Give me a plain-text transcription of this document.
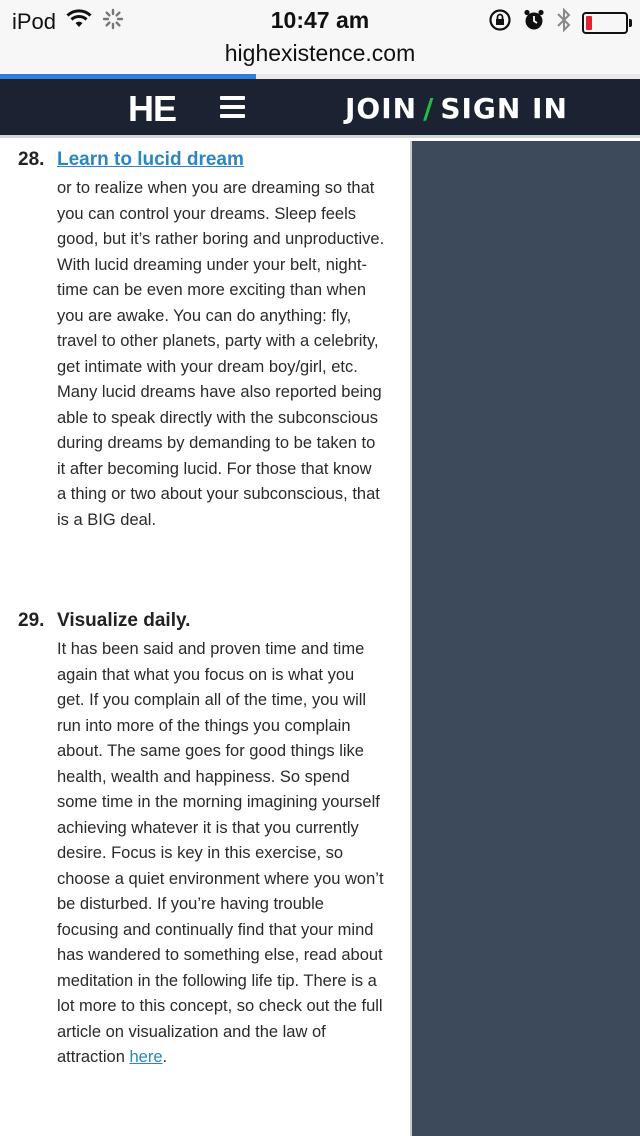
iPod	10:47 am
highexistence.com
HE	JOIN / SIGN IN
28. Learn to lucid dream
or to realize when you are dreaming so that you can control your dreams. Sleep feels good, but it’s rather boring and unproductive. With lucid dreaming under your belt, night-time can be even more exciting than when you are awake. You can do anything: fly, travel to other planets, party with a celebrity, get intimate with your dream boy/girl, etc. Many lucid dreams have also reported being able to speak directly with the subconscious during dreams by demanding to be taken to it after becoming lucid. For those that know a thing or two about your subconscious, that is a BIG deal.
29. Visualize daily.
It has been said and proven time and time again that what you focus on is what you get. If you complain all of the time, you will run into more of the things you complain about. The same goes for good things like health, wealth and happiness. So spend some time in the morning imagining yourself achieving whatever it is that you currently desire. Focus is key in this exercise, so choose a quiet environment where you won’t be disturbed. If you’re having trouble focusing and continually find that your mind has wandered to something else, read about meditation in the following life tip. There is a lot more to this concept, so check out the full article on visualization and the law of attraction here.
